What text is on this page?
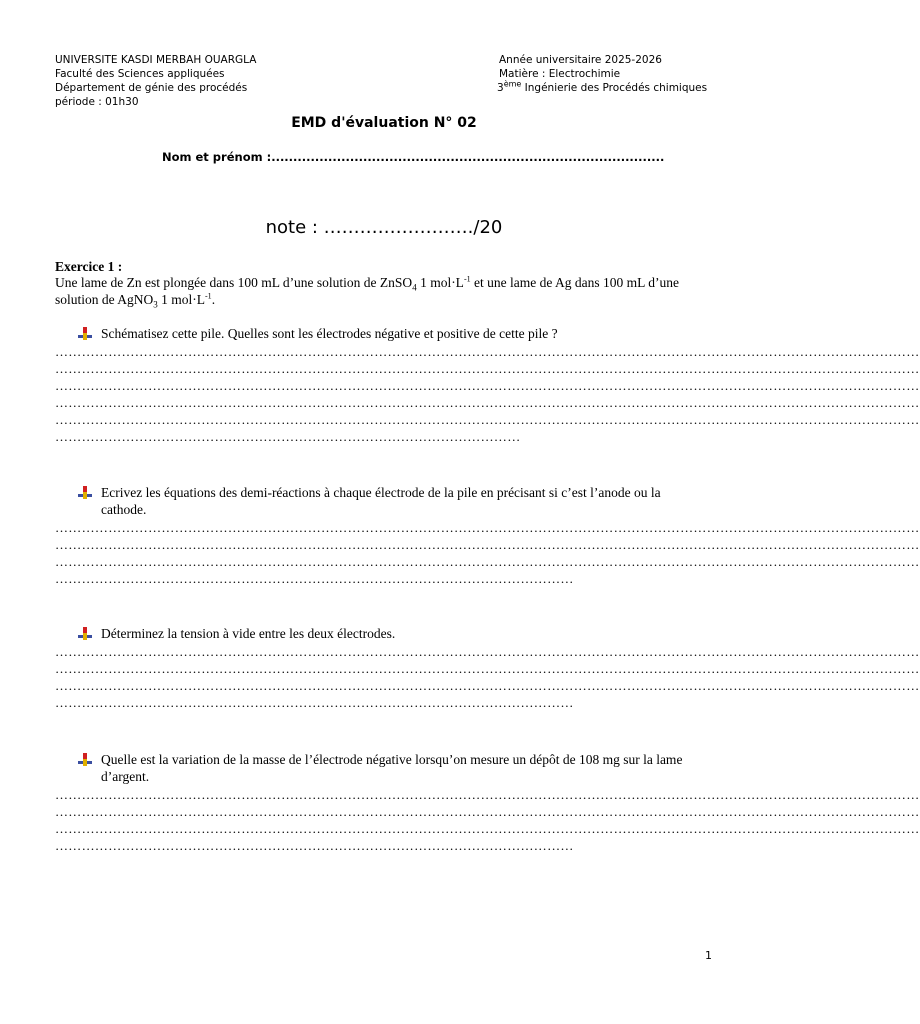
UNIVERSITE KASDI MERBAH OUARGLA
Faculté des Sciences appliquées
Département de génie des procédés
période : 01h30
Année universitaire 2025-2026
Matière : Electrochimie
3ème Ingénierie des Procédés chimiques
EMD d'évaluation N° 02
Nom et prénom :..........................................................................................
note : ……………………./20
Exercice 1 :
Une lame de Zn est plongée dans 100 mL d’une solution de ZnSO$_4$ 1 $mol\cdot L^{-1}$ et une lame de Ag dans 100 mL d’une solution de AgNO$_3$ 1 $mol\cdot L^{-1}$.
Schématisez cette pile. Quelles sont les électrodes négative et positive de cette pile ?
……………………………………………………………………………………………………………………………………………………………………………
……………………………………………………………………………………………………………………………………………………………………………
……………………………………………………………………………………………………………………………………………………………………………
……………………………………………………………………………………………………………………………………………………………………………
……………………………………………………………………………………………………………………………………………………………………………
……………………………………………………………………………………………
Ecrivez les équations des demi-réactions à chaque électrode de la pile en précisant si c’est l’anode ou la cathode.
……………………………………………………………………………………………………………………………………………………………………………
……………………………………………………………………………………………………………………………………………………………………………
……………………………………………………………………………………………………………………………………………………………………………
………………………………………………………………………………………………………
Déterminez la tension à vide entre les deux électrodes.
……………………………………………………………………………………………………………………………………………………………………………
……………………………………………………………………………………………………………………………………………………………………………
……………………………………………………………………………………………………………………………………………………………………………
………………………………………………………………………………………………………
Quelle est la variation de la masse de l’électrode négative lorsqu’on mesure un dépôt de 108 mg sur la lame d’argent.
……………………………………………………………………………………………………………………………………………………………………………
……………………………………………………………………………………………………………………………………………………………………………
……………………………………………………………………………………………………………………………………………………………………………
………………………………………………………………………………………………………
1
